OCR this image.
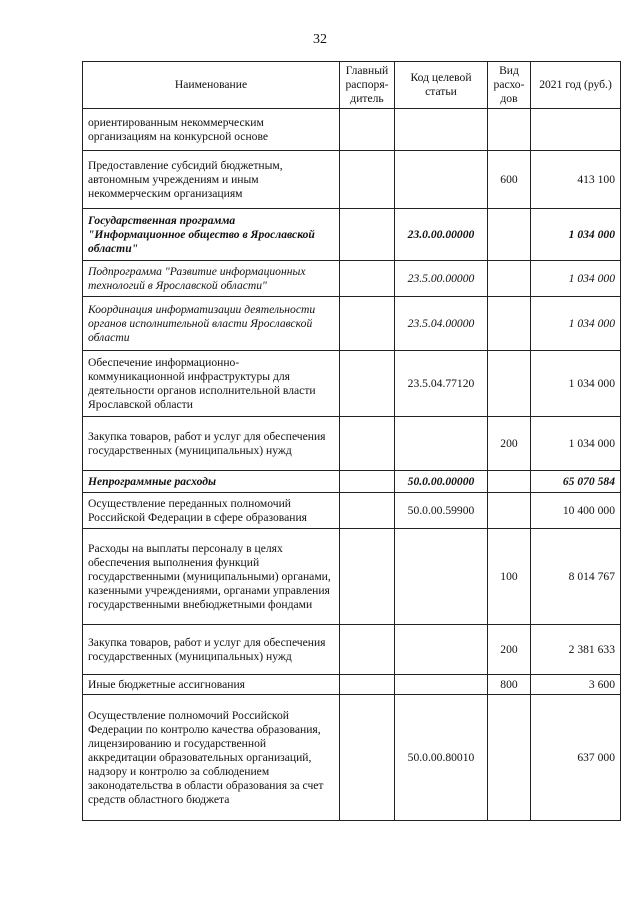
32
Наименование	Главный распоря-дитель	Код целевой статьи	Вид расхо-дов	2021 год (руб.)
ориентированным некоммерческим организациям на конкурсной основе				
Предоставление субсидий бюджетным, автономным учреждениям и иным некоммерческим организациям			600	413 100
Государственная программа "Информационное общество в Ярославской области"		23.0.00.00000		1 034 000
Подпрограмма "Развитие информационных технологий в Ярославской области"		23.5.00.00000		1 034 000
Координация информатизации деятельности органов исполнительной власти Ярославской области		23.5.04.00000		1 034 000
Обеспечение информационно-коммуникационной инфраструктуры для деятельности органов исполнительной власти Ярославской области		23.5.04.77120		1 034 000
Закупка товаров, работ и услуг для обеспечения государственных (муниципальных) нужд			200	1 034 000
Непрограммные расходы		50.0.00.00000		65 070 584
Осуществление переданных полномочий Российской Федерации в сфере образования		50.0.00.59900		10 400 000
Расходы на выплаты персоналу в целях обеспечения выполнения функций государственными (муниципальными) органами, казенными учреждениями, органами управления государственными внебюджетными фондами			100	8 014 767
Закупка товаров, работ и услуг для обеспечения государственных (муниципальных) нужд			200	2 381 633
Иные бюджетные ассигнования			800	3 600
Осуществление полномочий Российской Федерации по контролю качества образования, лицензированию и государственной аккредитации образовательных организаций, надзору и контролю за соблюдением законодательства в области образования за счет средств областного бюджета		50.0.00.80010		637 000
